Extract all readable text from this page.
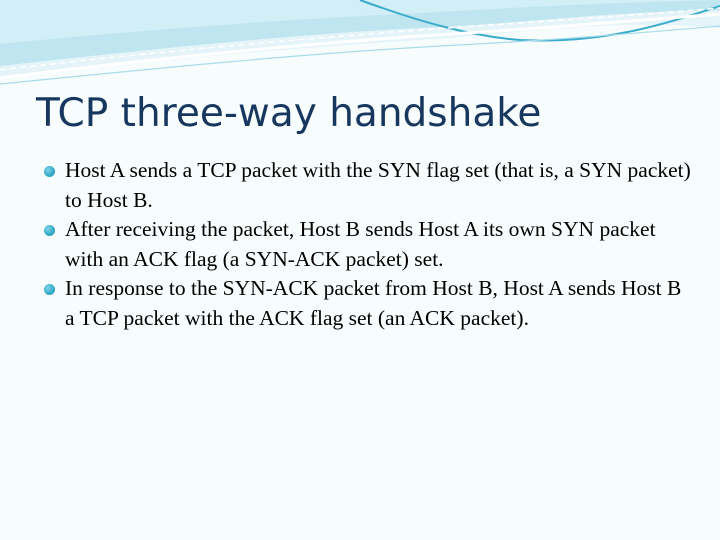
TCP three-way handshake
Host A sends a TCP packet with the SYN flag set (that is, a SYN packet) to Host B.
After receiving the packet, Host B sends Host A its own SYN packet with an ACK flag (a SYN-ACK packet) set.
In response to the SYN-ACK packet from Host B, Host A sends Host B a TCP packet with the ACK flag set (an ACK packet).
